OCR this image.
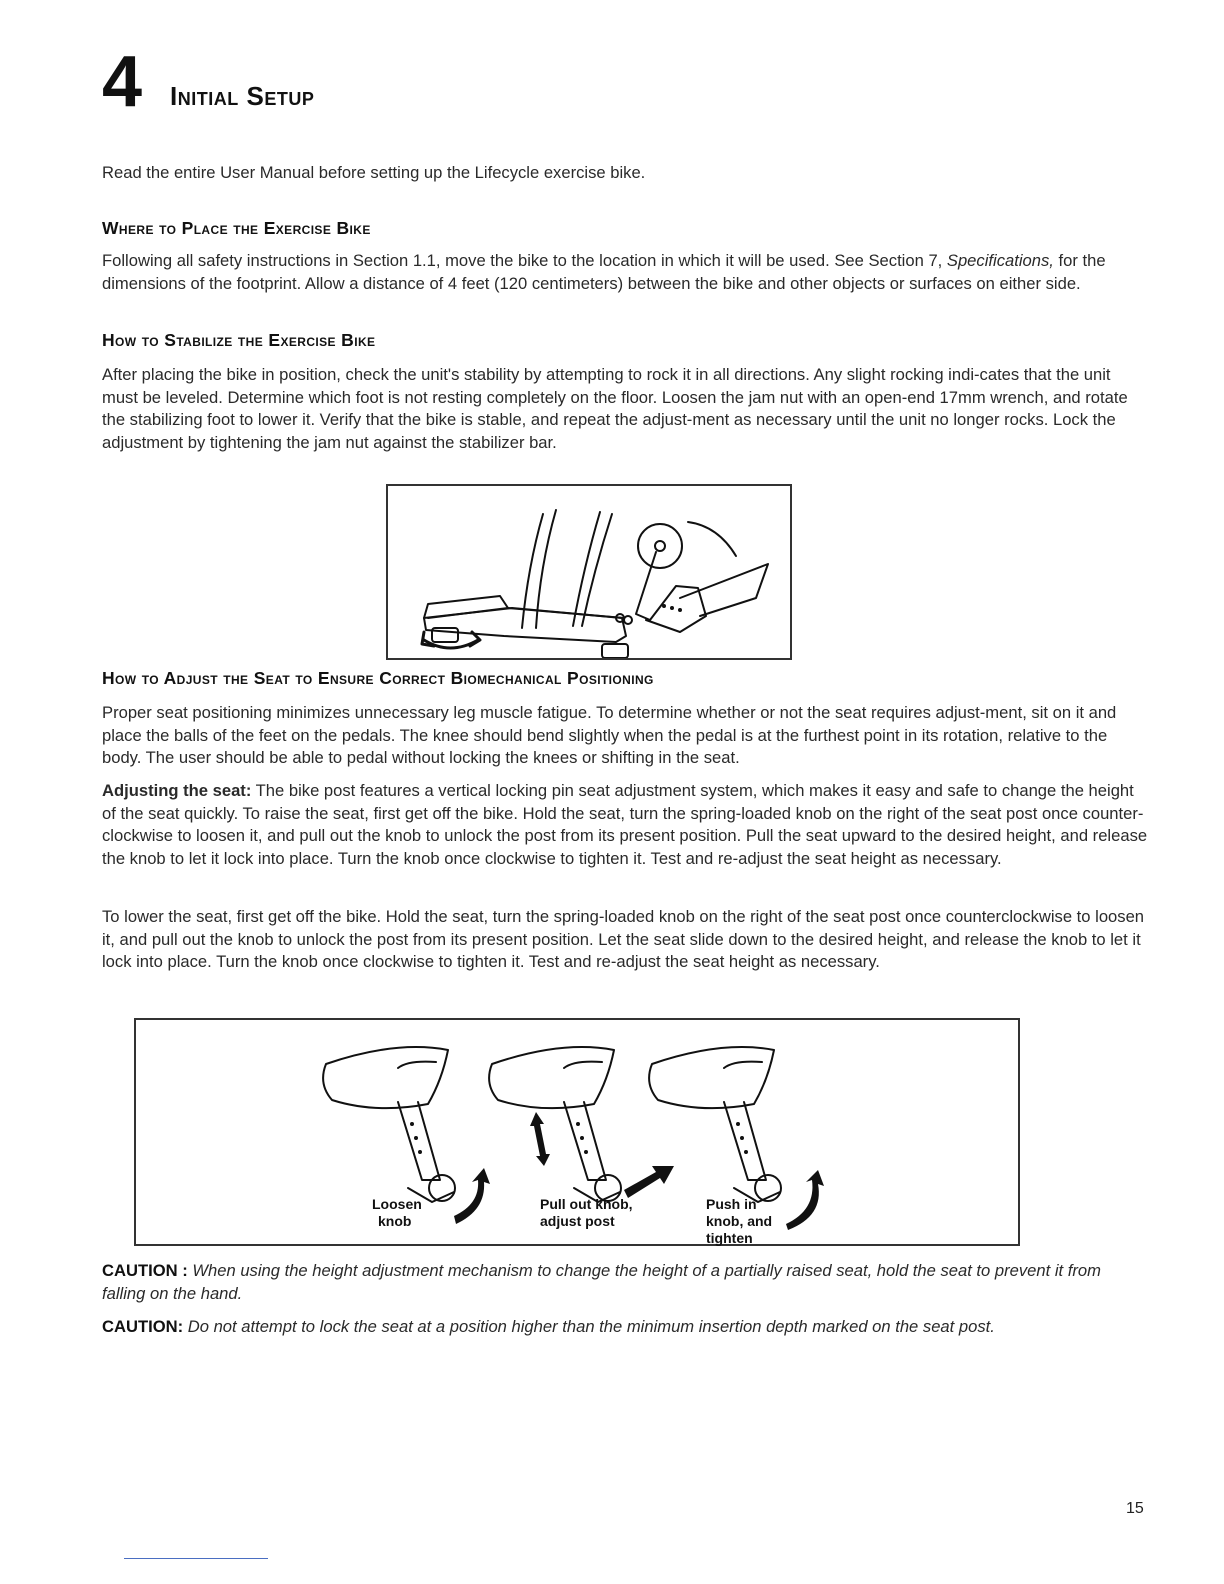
4 Initial Setup

Read the entire User Manual before setting up the Lifecycle exercise bike.

Where to Place the Exercise Bike

Following all safety instructions in Section 1.1, move the bike to the location in which it will be used. See Section 7, Specifications, for the dimensions of the footprint. Allow a distance of 4 feet (120 centimeters) between the bike and other objects or surfaces on either side.

How to Stabilize the Exercise Bike

After placing the bike in position, check the unit's stability by attempting to rock it in all directions. Any slight rocking indi-cates that the unit must be leveled. Determine which foot is not resting completely on the floor. Loosen the jam nut with an open-end 17mm wrench, and rotate the stabilizing foot to lower it. Verify that the bike is stable, and repeat the adjust-ment as necessary until the unit no longer rocks. Lock the adjustment by tightening the jam nut against the stabilizer bar.

How to Adjust the Seat to Ensure Correct Biomechanical Positioning

Proper seat positioning minimizes unnecessary leg muscle fatigue. To determine whether or not the seat requires adjust-ment, sit on it and place the balls of the feet on the pedals. The knee should bend slightly when the pedal is at the furthest point in its rotation, relative to the body. The user should be able to pedal without locking the knees or shifting in the seat.

Adjusting the seat: The bike post features a vertical locking pin seat adjustment system, which makes it easy and safe to change the height of the seat quickly. To raise the seat, first get off the bike. Hold the seat, turn the spring-loaded knob on the right of the seat post once counter-clockwise to loosen it, and pull out the knob to unlock the post from its present position. Pull the seat upward to the desired height, and release the knob to let it lock into place. Turn the knob once clockwise to tighten it. Test and re-adjust the seat height as necessary.

To lower the seat, first get off the bike. Hold the seat, turn the spring-loaded knob on the right of the seat post once counterclockwise to loosen it, and pull out the knob to unlock the post from its present position. Let the seat slide down to the desired height, and release the knob to let it lock into place. Turn the knob once clockwise to tighten it. Test and re-adjust the seat height as necessary.

Loosen
knob
Pull out knob,
adjust post
Push in
knob, and
tighten

CAUTION : When using the height adjustment mechanism to change the height of a partially raised seat, hold the seat to prevent it from falling on the hand.

CAUTION: Do not attempt to lock the seat at a position higher than the minimum insertion depth marked on the seat post.

15
